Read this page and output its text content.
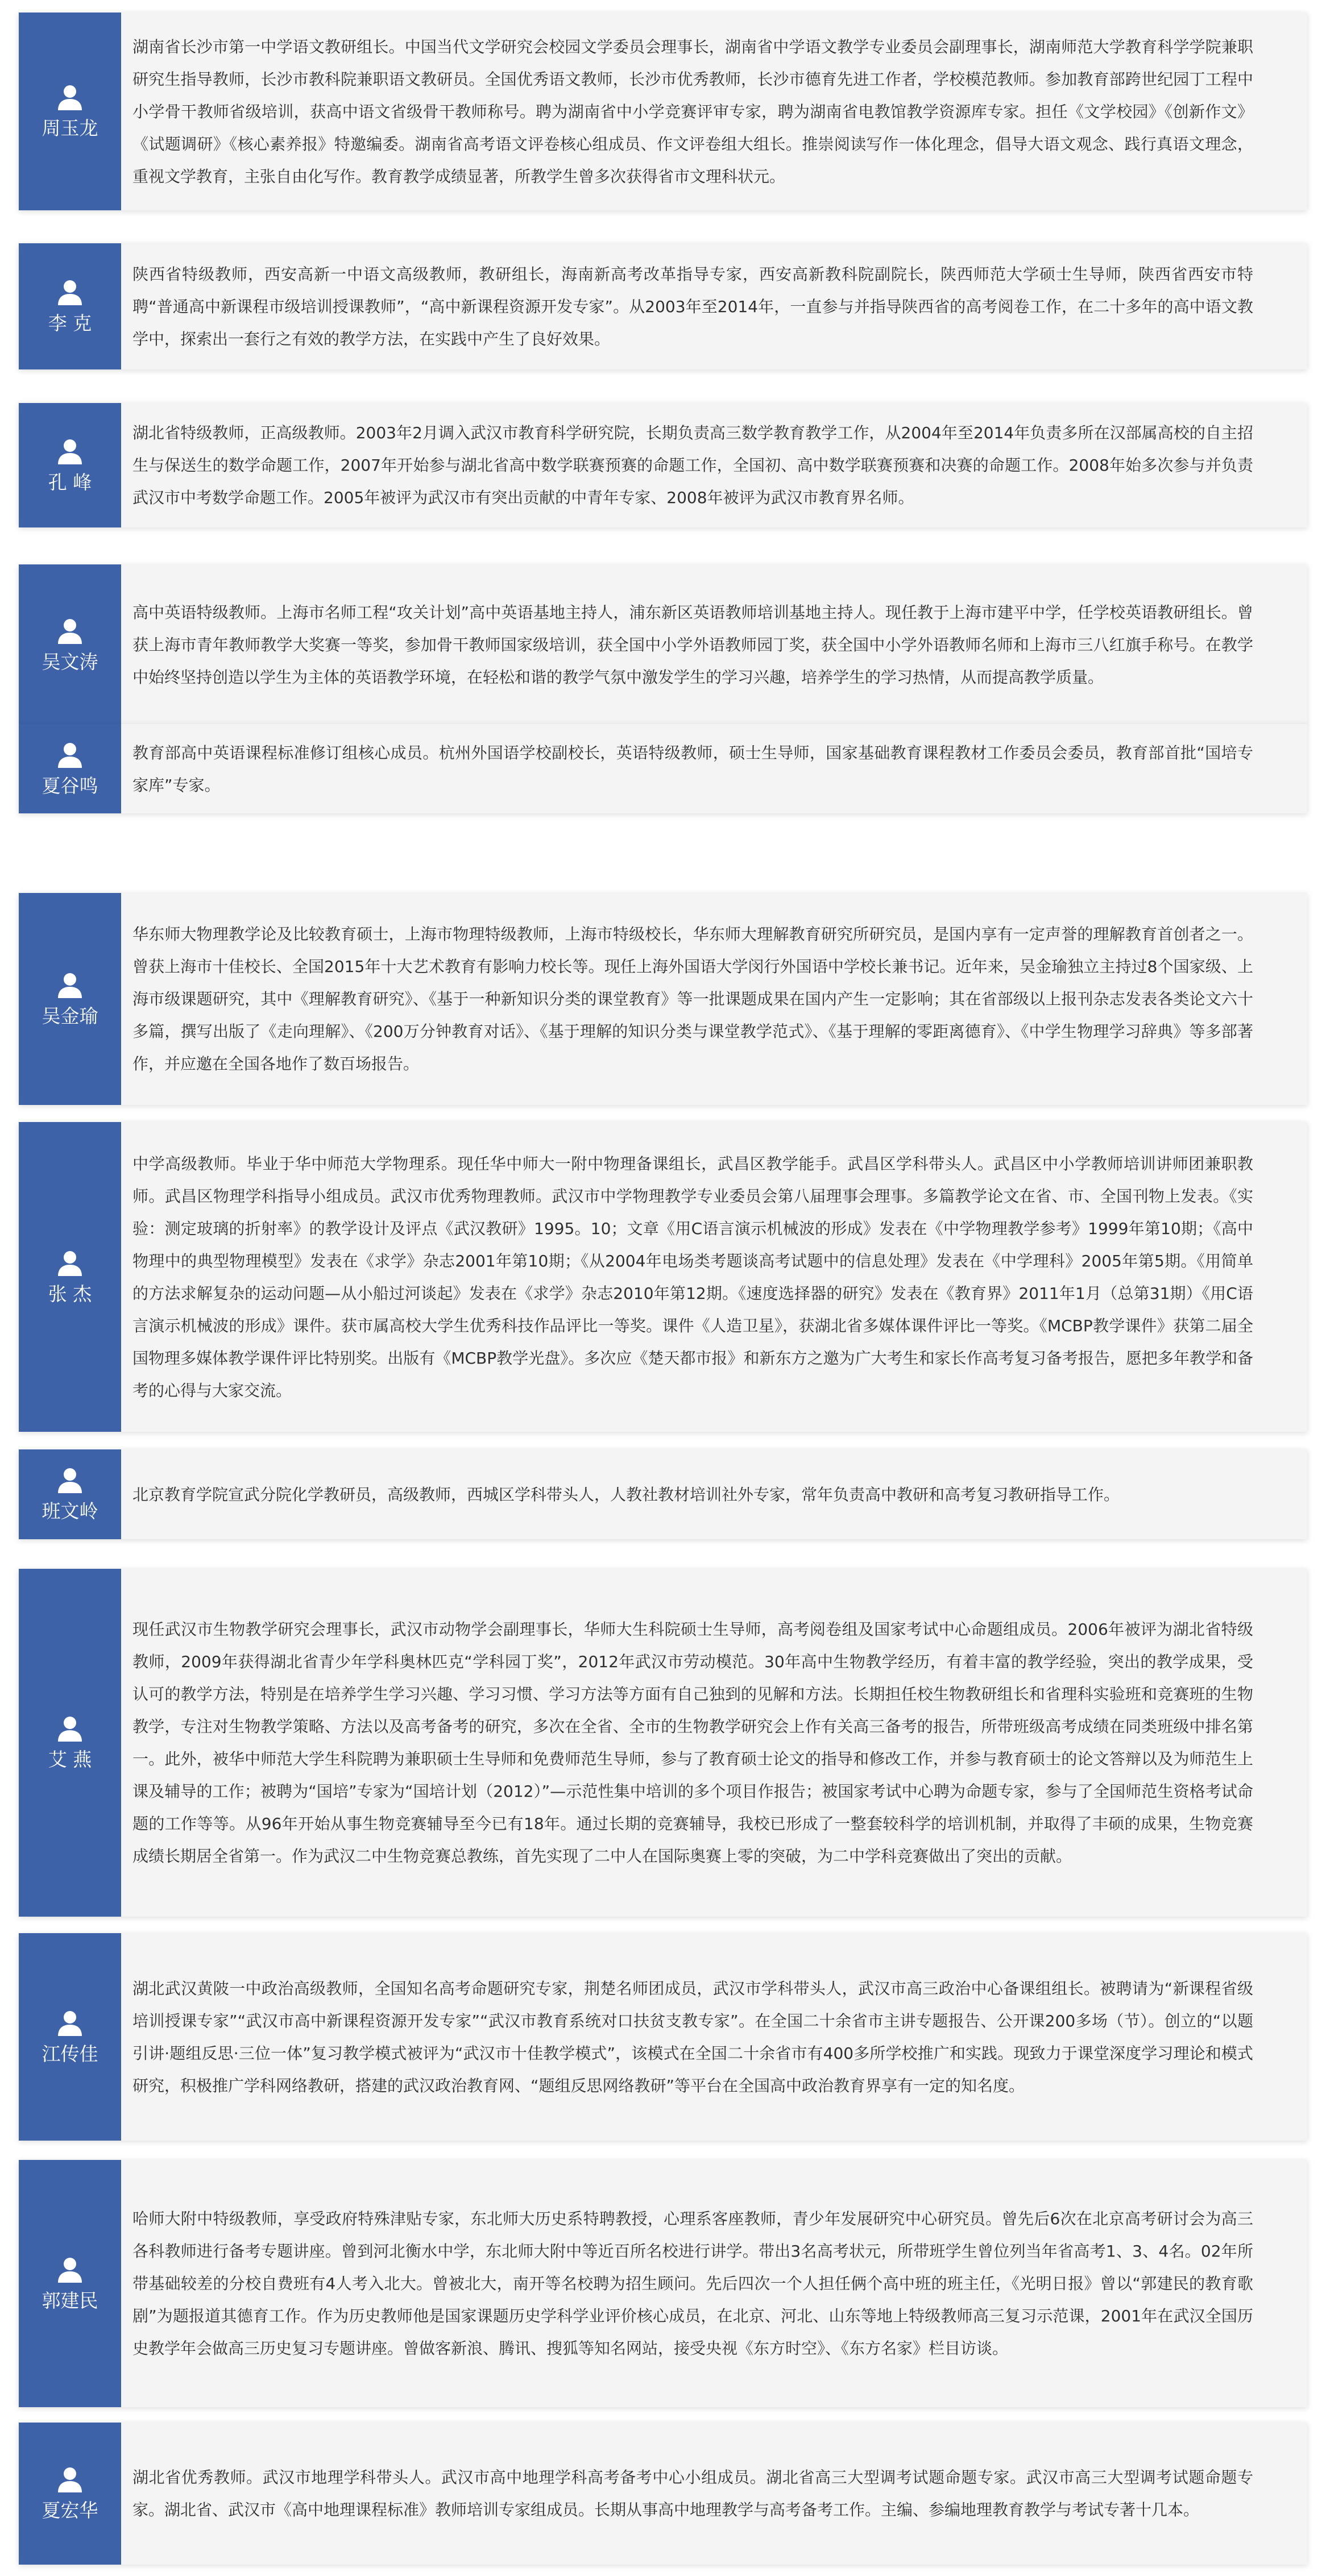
周玉龙

湖南省长沙市第一中学语文教研组长。中国当代文学研究会校园文学委员会理事长，湖南省中学语文教学专业委员会副理事长，湖南师范大学教育科学学院兼职研究生指导教师，长沙市教科院兼职语文教研员。全国优秀语文教师，长沙市优秀教师，长沙市德育先进工作者，学校模范教师。参加教育部跨世纪园丁工程中小学骨干教师省级培训，获高中语文省级骨干教师称号。聘为湖南省中小学竞赛评审专家，聘为湖南省电教馆教学资源库专家。担任《文学校园》《创新作文》《试题调研》《核心素养报》特邀编委。湖南省高考语文评卷核心组成员、作文评卷组大组长。推崇阅读写作一体化理念，倡导大语文观念、践行真语文理念，重视文学教育，主张自由化写作。教育教学成绩显著，所教学生曾多次获得省市文理科状元。

李 克

陕西省特级教师，西安高新一中语文高级教师，教研组长，海南新高考改革指导专家，西安高新教科院副院长，陕西师范大学硕士生导师，陕西省西安市特聘“普通高中新课程市级培训授课教师”，“高中新课程资源开发专家”。从2003年至2014年，一直参与并指导陕西省的高考阅卷工作，在二十多年的高中语文教学中，探索出一套行之有效的教学方法，在实践中产生了良好效果。

孔 峰

湖北省特级教师，正高级教师。2003年2月调入武汉市教育科学研究院，长期负责高三数学教育教学工作，从2004年至2014年负责多所在汉部属高校的自主招生与保送生的数学命题工作，2007年开始参与湖北省高中数学联赛预赛的命题工作，全国初、高中数学联赛预赛和决赛的命题工作。2008年始多次参与并负责武汉市中考数学命题工作。2005年被评为武汉市有突出贡献的中青年专家、2008年被评为武汉市教育界名师。

吴文涛

高中英语特级教师。上海市名师工程“攻关计划”高中英语基地主持人，浦东新区英语教师培训基地主持人。现任教于上海市建平中学，任学校英语教研组长。曾获上海市青年教师教学大奖赛一等奖，参加骨干教师国家级培训，获全国中小学外语教师园丁奖，获全国中小学外语教师名师和上海市三八红旗手称号。在教学中始终坚持创造以学生为主体的英语教学环境，在轻松和谐的教学气氛中激发学生的学习兴趣，培养学生的学习热情，从而提高教学质量。

夏谷鸣

教育部高中英语课程标准修订组核心成员。杭州外国语学校副校长，英语特级教师，硕士生导师，国家基础教育课程教材工作委员会委员，教育部首批“国培专家库”专家。

吴金瑜

华东师大物理教学论及比较教育硕士，上海市物理特级教师，上海市特级校长，华东师大理解教育研究所研究员，是国内享有一定声誉的理解教育首创者之一。曾获上海市十佳校长、全国2015年十大艺术教育有影响力校长等。现任上海外国语大学闵行外国语中学校长兼书记。近年来，吴金瑜独立主持过8个国家级、上海市级课题研究，其中《理解教育研究》、《基于一种新知识分类的课堂教育》等一批课题成果在国内产生一定影响；其在省部级以上报刊杂志发表各类论文六十多篇，撰写出版了《走向理解》、《200万分钟教育对话》、《基于理解的知识分类与课堂教学范式》、《基于理解的零距离德育》、《中学生物理学习辞典》等多部著作，并应邀在全国各地作了数百场报告。

张 杰

中学高级教师。毕业于华中师范大学物理系。现任华中师大一附中物理备课组长，武昌区教学能手。武昌区学科带头人。武昌区中小学教师培训讲师团兼职教师。武昌区物理学科指导小组成员。武汉市优秀物理教师。武汉市中学物理教学专业委员会第八届理事会理事。多篇教学论文在省、市、全国刊物上发表。《实验：测定玻璃的折射率》的教学设计及评点《武汉教研》1995。10；文章《用C语言演示机械波的形成》发表在《中学物理教学参考》1999年第10期；《高中物理中的典型物理模型》发表在《求学》杂志2001年第10期；《从2004年电场类考题谈高考试题中的信息处理》发表在《中学理科》2005年第5期。《用简单的方法求解复杂的运动问题—从小船过河谈起》发表在《求学》杂志2010年第12期。《速度选择器的研究》发表在《教育界》2011年1月（总第31期）《用C语言演示机械波的形成》课件。获市属高校大学生优秀科技作品评比一等奖。课件《人造卫星》，获湖北省多媒体课件评比一等奖。《MCBP教学课件》获第二届全国物理多媒体教学课件评比特别奖。出版有《MCBP教学光盘》。多次应《楚天都市报》和新东方之邀为广大考生和家长作高考复习备考报告，愿把多年教学和备考的心得与大家交流。

班文岭

北京教育学院宣武分院化学教研员，高级教师，西城区学科带头人，人教社教材培训社外专家，常年负责高中教研和高考复习教研指导工作。

艾 燕

现任武汉市生物教学研究会理事长，武汉市动物学会副理事长，华师大生科院硕士生导师，高考阅卷组及国家考试中心命题组成员。2006年被评为湖北省特级教师，2009年获得湖北省青少年学科奥林匹克“学科园丁奖”，2012年武汉市劳动模范。30年高中生物教学经历，有着丰富的教学经验，突出的教学成果，受认可的教学方法，特别是在培养学生学习兴趣、学习习惯、学习方法等方面有自己独到的见解和方法。长期担任校生物教研组长和省理科实验班和竞赛班的生物教学，专注对生物教学策略、方法以及高考备考的研究，多次在全省、全市的生物教学研究会上作有关高三备考的报告，所带班级高考成绩在同类班级中排名第一。此外，被华中师范大学生科院聘为兼职硕士生导师和免费师范生导师，参与了教育硕士论文的指导和修改工作，并参与教育硕士的论文答辩以及为师范生上课及辅导的工作；被聘为“国培”专家为“国培计划（2012）”—示范性集中培训的多个项目作报告；被国家考试中心聘为命题专家，参与了全国师范生资格考试命题的工作等等。从96年开始从事生物竞赛辅导至今已有18年。通过长期的竞赛辅导，我校已形成了一整套较科学的培训机制，并取得了丰硕的成果，生物竞赛成绩长期居全省第一。作为武汉二中生物竞赛总教练，首先实现了二中人在国际奥赛上零的突破，为二中学科竞赛做出了突出的贡献。

江传佳

湖北武汉黄陂一中政治高级教师，全国知名高考命题研究专家，荆楚名师团成员，武汉市学科带头人，武汉市高三政治中心备课组组长。被聘请为“新课程省级培训授课专家”“武汉市高中新课程资源开发专家”“武汉市教育系统对口扶贫支教专家”。在全国二十余省市主讲专题报告、公开课200多场（节）。创立的“以题引讲·题组反思·三位一体”复习教学模式被评为“武汉市十佳教学模式”，该模式在全国二十余省市有400多所学校推广和实践。现致力于课堂深度学习理论和模式研究，积极推广学科网络教研，搭建的武汉政治教育网、“题组反思网络教研”等平台在全国高中政治教育界享有一定的知名度。

郭建民

哈师大附中特级教师，享受政府特殊津贴专家，东北师大历史系特聘教授，心理系客座教师，青少年发展研究中心研究员。曾先后6次在北京高考研讨会为高三各科教师进行备考专题讲座。曾到河北衡水中学，东北师大附中等近百所名校进行讲学。带出3名高考状元，所带班学生曾位列当年省高考1、3、4名。02年所带基础较差的分校自费班有4人考入北大。曾被北大，南开等名校聘为招生顾问。先后四次一个人担任俩个高中班的班主任，《光明日报》曾以“郭建民的教育歌剧”为题报道其德育工作。作为历史教师他是国家课题历史学科学业评价核心成员，在北京、河北、山东等地上特级教师高三复习示范课，2001年在武汉全国历史教学年会做高三历史复习专题讲座。曾做客新浪、腾讯、搜狐等知名网站，接受央视《东方时空》、《东方名家》栏目访谈。

夏宏华

湖北省优秀教师。武汉市地理学科带头人。武汉市高中地理学科高考备考中心小组成员。湖北省高三大型调考试题命题专家。武汉市高三大型调考试题命题专家。湖北省、武汉市《高中地理课程标准》教师培训专家组成员。长期从事高中地理教学与高考备考工作。主编、参编地理教育教学与考试专著十几本。
